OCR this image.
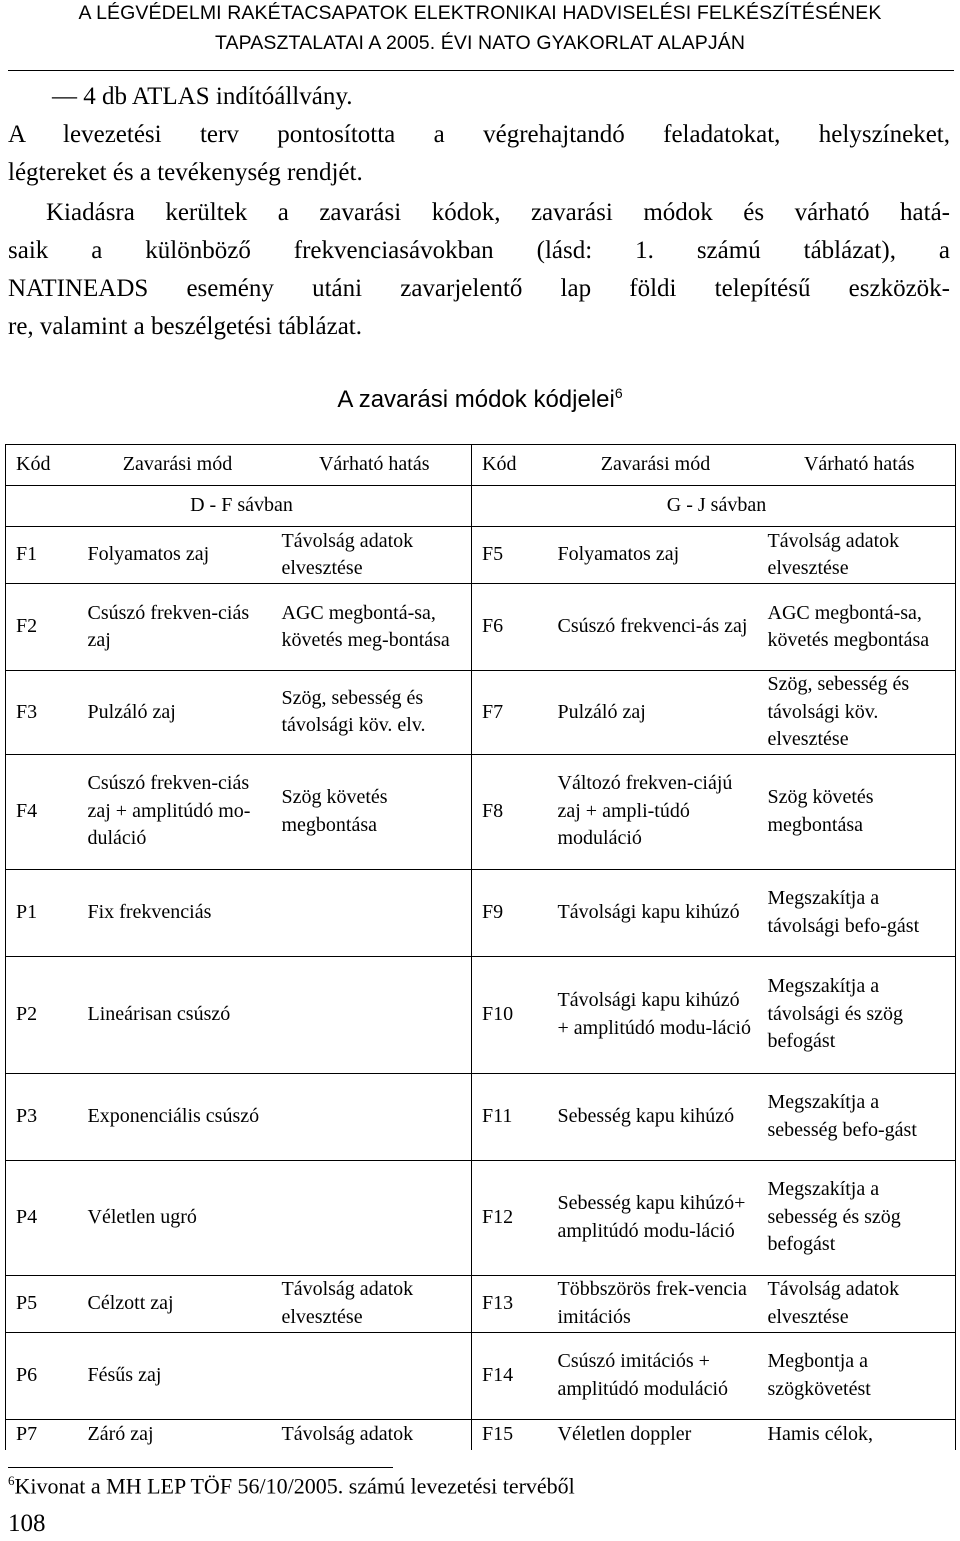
A LÉGVÉDELMI RAKÉTACSAPATOK ELEKTRONIKAI HADVISELÉSI FELKÉSZÍTÉSÉNEK
TAPASZTALATAI A 2005. ÉVI NATO GYAKORLAT ALAPJÁN
— 4 db ATLAS indítóállvány.
A levezetési terv pontosította a végrehajtandó feladatokat, helyszíneket,
légtereket és a tevékenység rendjét.
Kiadásra kerültek a zavarási kódok, zavarási módok és várható hatá-
saik a különböző frekvenciasávokban (lásd: 1. számú táblázat), a
NATINEADS esemény utáni zavarjelentő lap földi telepítésű eszközök-
re, valamint a beszélgetési táblázat.
A zavarási módok kódjelei$^6$
Kód	Zavarási mód	Várható hatás	Kód	Zavarási mód	Várható hatás
D - F sávban			G - J sávban		
F1	Folyamatos zaj	Távolság adatok elvesztése	F5	Folyamatos zaj	Távolság adatok elvesztése
F2	Csúszó frekven-ciás zaj	AGC megbontá-sa, követés meg-bontása	F6	Csúszó frekvenci-ás zaj	AGC megbontá-sa, követés megbontása
F3	Pulzáló zaj	Szög, sebesség és távolsági köv. elv.	F7	Pulzáló zaj	Szög, sebesség és távolsági köv. elvesztése
F4	Csúszó frekven-ciás zaj + amplitúdó mo-duláció	Szög követés megbontása	F8	Változó frekven-ciájú zaj + ampli-túdó moduláció	Szög követés megbontása
P1	Fix frekvenciás		F9	Távolsági kapu kihúzó	Megszakítja a távolsági befo-gást
P2	Lineárisan csúszó		F10	Távolsági kapu kihúzó + amplitúdó modu-láció	Megszakítja a távolsági és szög befogást
P3	Exponenciális csúszó		F11	Sebesség kapu kihúzó	Megszakítja a sebesség befo-gást
P4	Véletlen ugró		F12	Sebesség kapu kihúzó+ amplitúdó modu-láció	Megszakítja a sebesség és szög befogást
P5	Célzott zaj	Távolság adatok elvesztése	F13	Többszörös frek-vencia imitációs	Távolság adatok elvesztése
P6	Fésűs zaj		F14	Csúszó imitációs + amplitúdó moduláció	Megbontja a szögkövetést
P7	Záró zaj	Távolság adatok	F15	Véletlen doppler	Hamis célok,
$^6$Kivonat a MH LEP TÖF 56/10/2005. számú levezetési tervéből
108
